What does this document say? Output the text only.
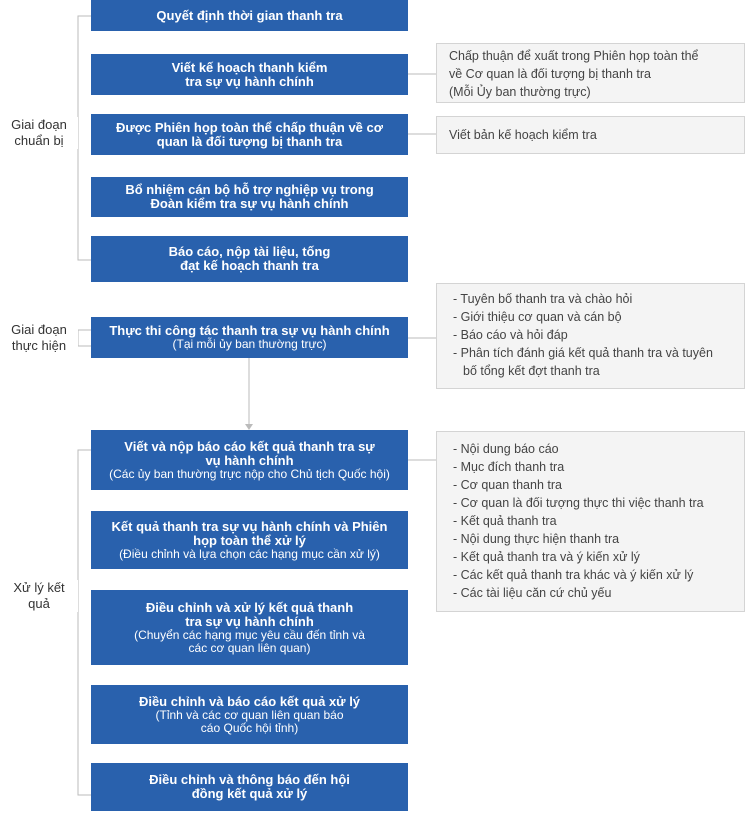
Giai đoạn
chuẩn bị
Giai đoạn
thực hiện
Xử lý kết
quả
Quyết định thời gian thanh tra
Viết kế hoạch thanh kiểm
tra sự vụ hành chính
Được Phiên họp toàn thể chấp thuận về cơ
quan là đối tượng bị thanh tra
Bổ nhiệm cán bộ hỗ trợ nghiệp vụ trong
Đoàn kiểm tra sự vụ hành chính
Báo cáo, nộp tài liệu, tống
đạt kế hoạch thanh tra
Thực thi công tác thanh tra sự vụ hành chính
(Tại mỗi ủy ban thường trực)
Viết và nộp báo cáo kết quả thanh tra sự
vụ hành chính
(Các ủy ban thường trực nộp cho Chủ tịch Quốc hội)
Kết quả thanh tra sự vụ hành chính và Phiên
họp toàn thể xử lý
(Điều chỉnh và lựa chọn các hạng mục cần xử lý)
Điều chỉnh và xử lý kết quả thanh
tra sự vụ hành chính
(Chuyển các hạng mục yêu cầu đến tỉnh và
các cơ quan liên quan)
Điều chỉnh và báo cáo kết quả xử lý
(Tỉnh và các cơ quan liên quan báo
cáo Quốc hội tỉnh)
Điều chỉnh và thông báo đến hội
đồng kết quả xử lý
Chấp thuận để xuất trong Phiên họp toàn thể
về Cơ quan là đối tượng bị thanh tra
(Mỗi Ủy ban thường trực)
Viết bản kế hoạch kiểm tra
- Tuyên bố thanh tra và chào hỏi
- Giới thiệu cơ quan và cán bộ
- Báo cáo và hỏi đáp
- Phân tích đánh giá kết quả thanh tra và tuyên
bố tổng kết đợt thanh tra
- Nội dung báo cáo
- Mục đích thanh tra
- Cơ quan thanh tra
- Cơ quan là đối tượng thực thi việc thanh tra
- Kết quả thanh tra
- Nội dung thực hiện thanh tra
- Kết quả thanh tra và ý kiến xử lý
- Các kết quả thanh tra khác và ý kiến xử lý
- Các tài liệu căn cứ chủ yếu
